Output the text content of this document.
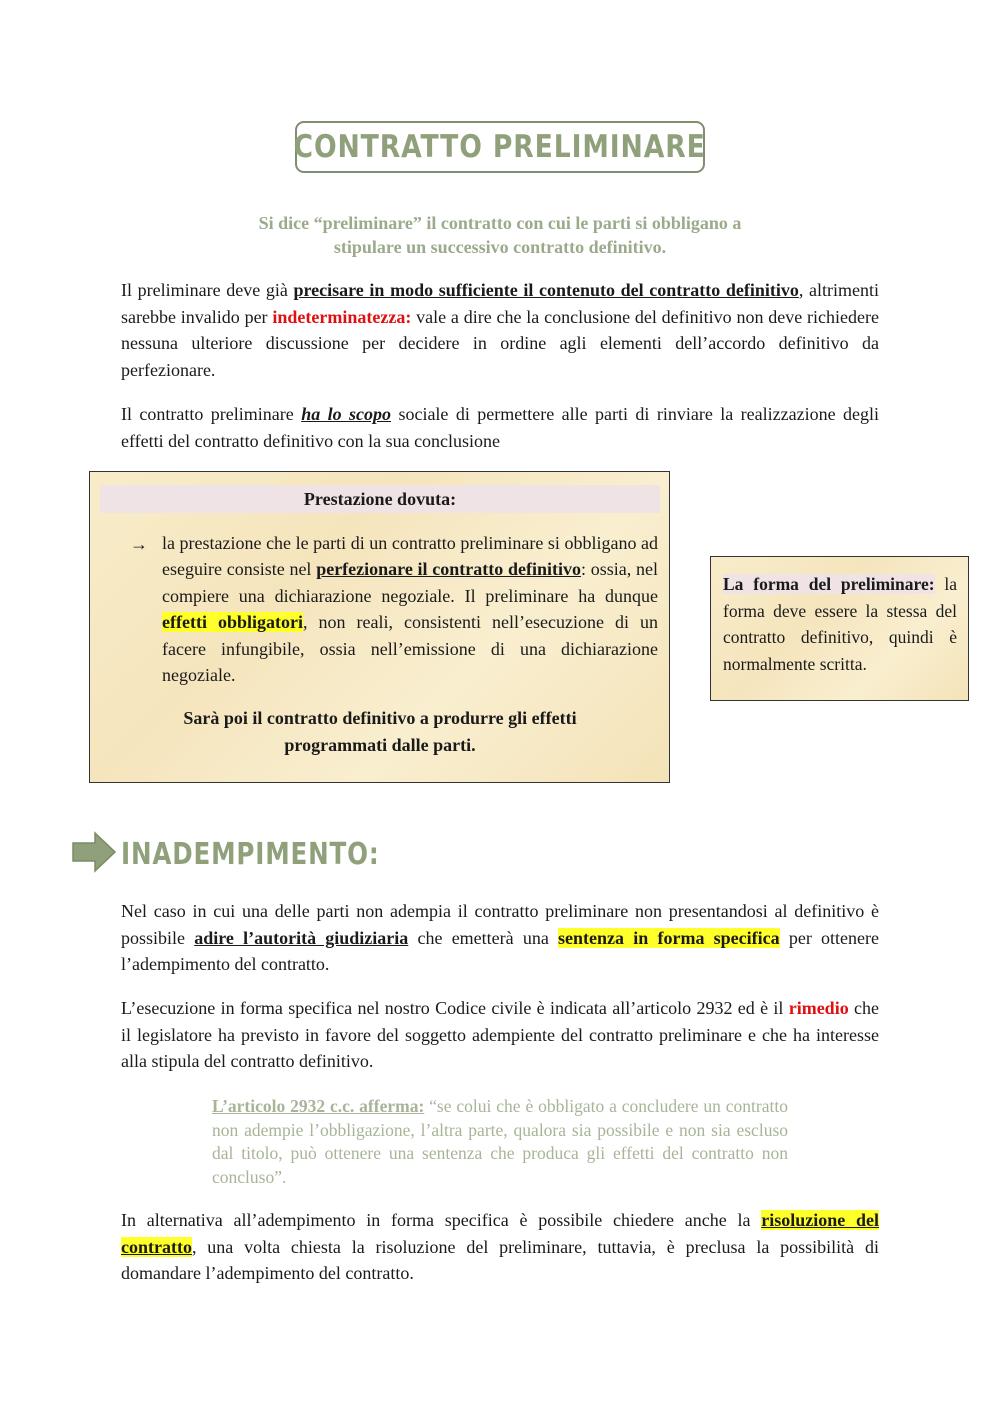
CONTRATTO PRELIMINARE
Si dice “preliminare” il contratto con cui le parti si obbligano a
stipulare un successivo contratto definitivo.
Il preliminare deve già precisare in modo sufficiente il contenuto del contratto definitivo, altrimenti sarebbe invalido per indeterminatezza: vale a dire che la conclusione del definitivo non deve richiedere nessuna ulteriore discussione per decidere in ordine agli elementi dell’accordo definitivo da perfezionare.
Il contratto preliminare ha lo scopo sociale di permettere alle parti di rinviare la realizzazione degli effetti del contratto definitivo con la sua conclusione
Prestazione dovuta:
→ la prestazione che le parti di un contratto preliminare si obbligano ad eseguire consiste nel perfezionare il contratto definitivo: ossia, nel compiere una dichiarazione negoziale. Il preliminare ha dunque effetti obbligatori, non reali, consistenti nell’esecuzione di un facere infungibile, ossia nell’emissione di una dichiarazione negoziale.
Sarà poi il contratto definitivo a produrre gli effetti
programmati dalle parti.
La forma del preliminare: la forma deve essere la stessa del contratto definitivo, quindi è normalmente scritta.
INADEMPIMENTO:
Nel caso in cui una delle parti non adempia il contratto preliminare non presentandosi al definitivo è possibile adire l’autorità giudiziaria che emetterà una sentenza in forma specifica per ottenere l’adempimento del contratto.
L’esecuzione in forma specifica nel nostro Codice civile è indicata all’articolo 2932 ed è il rimedio che il legislatore ha previsto in favore del soggetto adempiente del contratto preliminare e che ha interesse alla stipula del contratto definitivo.
L’articolo 2932 c.c. afferma: “se colui che è obbligato a concludere un contratto non adempie l’obbligazione, l’altra parte, qualora sia possibile e non sia escluso dal titolo, può ottenere una sentenza che produca gli effetti del contratto non concluso”.
In alternativa all’adempimento in forma specifica è possibile chiedere anche la risoluzione del contratto, una volta chiesta la risoluzione del preliminare, tuttavia, è preclusa la possibilità di domandare l’adempimento del contratto.
